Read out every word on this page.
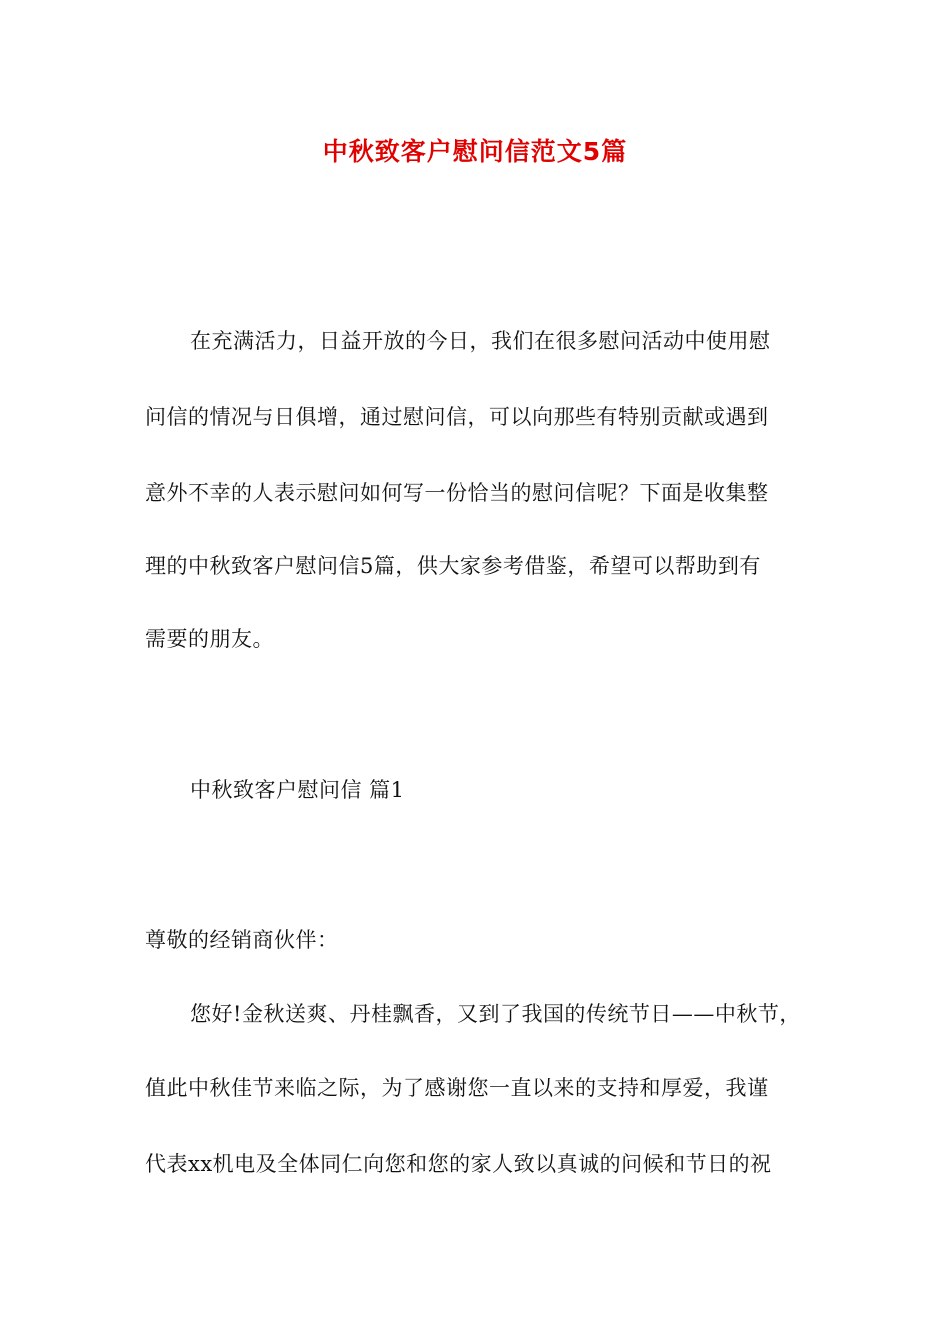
中秋致客户慰问信范文5篇
在充满活力，日益开放的今日，我们在很多慰问活动中使用慰
问信的情况与日俱增，通过慰问信，可以向那些有特别贡献或遇到
意外不幸的人表示慰问如何写一份恰当的慰问信呢？下面是收集整
理的中秋致客户慰问信5篇，供大家参考借鉴，希望可以帮助到有
需要的朋友。
中秋致客户慰问信 篇1
尊敬的经销商伙伴：
您好!金秋送爽、丹桂飘香，又到了我国的传统节日——中秋节，
值此中秋佳节来临之际，为了感谢您一直以来的支持和厚爱，我谨
代表xx机电及全体同仁向您和您的家人致以真诚的问候和节日的祝
